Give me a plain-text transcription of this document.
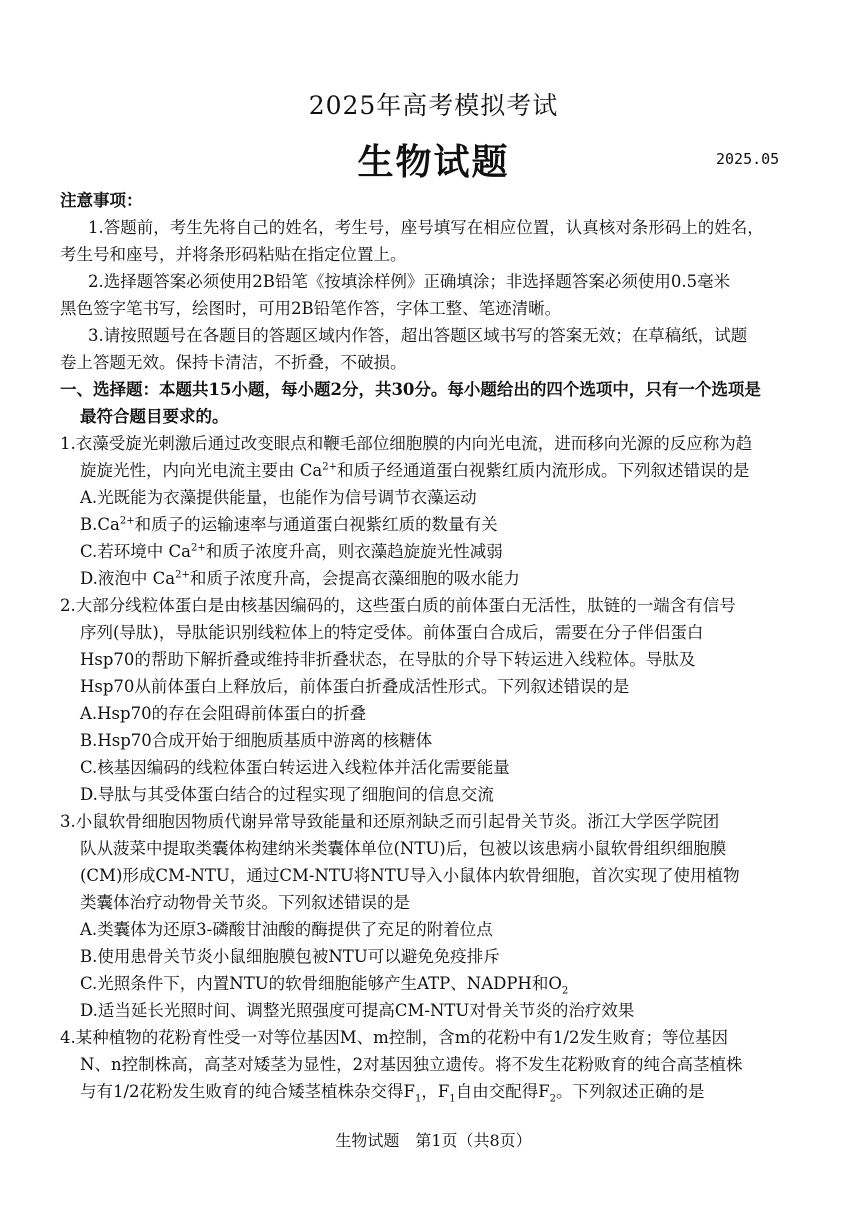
2025年高考模拟考试
生物试题	2025.05
注意事项：
1.答题前，考生先将自己的姓名，考生号，座号填写在相应位置，认真核对条形码上的姓名，
考生号和座号，并将条形码粘贴在指定位置上。
2.选择题答案必须使用2B铅笔《按填涂样例》正确填涂；非选择题答案必须使用0.5毫米
黑色签字笔书写，绘图时，可用2B铅笔作答，字体工整、笔迹清晰。
3.请按照题号在各题目的答题区域内作答，超出答题区域书写的答案无效；在草稿纸，试题
卷上答题无效。保持卡清洁，不折叠，不破损。
一、选择题：本题共15小题，每小题2分，共30分。每小题给出的四个选项中，只有一个选项是
最符合题目要求的。
1.衣藻受旋光刺激后通过改变眼点和鞭毛部位细胞膜的内向光电流，进而移向光源的反应称为趋
旋旋光性，内向光电流主要由 $Ca^{2+}$和质子经通道蛋白视紫红质内流形成。下列叙述错误的是
A.光既能为衣藻提供能量，也能作为信号调节衣藻运动
$B.Ca^{2+}$和质子的运输速率与通道蛋白视紫红质的数量有关
C.若环境中 $Ca^{2+}$和质子浓度升高，则衣藻趋旋旋光性减弱
D.液泡中 $Ca^{2+}$和质子浓度升高，会提高衣藻细胞的吸水能力
2.大部分线粒体蛋白是由核基因编码的，这些蛋白质的前体蛋白无活性，肽链的一端含有信号
序列(导肽)，导肽能识别线粒体上的特定受体。前体蛋白合成后，需要在分子伴侣蛋白
Hsp70的帮助下解折叠或维持非折叠状态，在导肽的介导下转运进入线粒体。导肽及
Hsp70从前体蛋白上释放后，前体蛋白折叠成活性形式。下列叙述错误的是
A.Hsp70的存在会阻碍前体蛋白的折叠
B.Hsp70合成开始于细胞质基质中游离的核糖体
C.核基因编码的线粒体蛋白转运进入线粒体并活化需要能量
D.导肽与其受体蛋白结合的过程实现了细胞间的信息交流
3.小鼠软骨细胞因物质代谢异常导致能量和还原剂缺乏而引起骨关节炎。浙江大学医学院团
队从菠菜中提取类囊体构建纳米类囊体单位(NTU)后，包被以该患病小鼠软骨组织细胞膜
(CM)形成CM-NTU，通过CM-NTU将NTU导入小鼠体内软骨细胞，首次实现了使用植物
类囊体治疗动物骨关节炎。下列叙述错误的是
A.类囊体为还原3-磷酸甘油酸的酶提供了充足的附着位点
B.使用患骨关节炎小鼠细胞膜包被NTU可以避免免疫排斥
C.光照条件下，内置NTU的软骨细胞能够产生ATP、NADPH和$O_2$
D.适当延长光照时间、调整光照强度可提高CM-NTU对骨关节炎的治疗效果
4.某种植物的花粉育性受一对等位基因M、m控制，含m的花粉中有1/2发生败育；等位基因
N、n控制株高，高茎对矮茎为显性，2对基因独立遗传。将不发生花粉败育的纯合高茎植株
与有1/2花粉发生败育的纯合矮茎植株杂交得$F_1$，$F_1$自由交配得$F_2$。下列叙述正确的是
生物试题　第1页（共8页）
